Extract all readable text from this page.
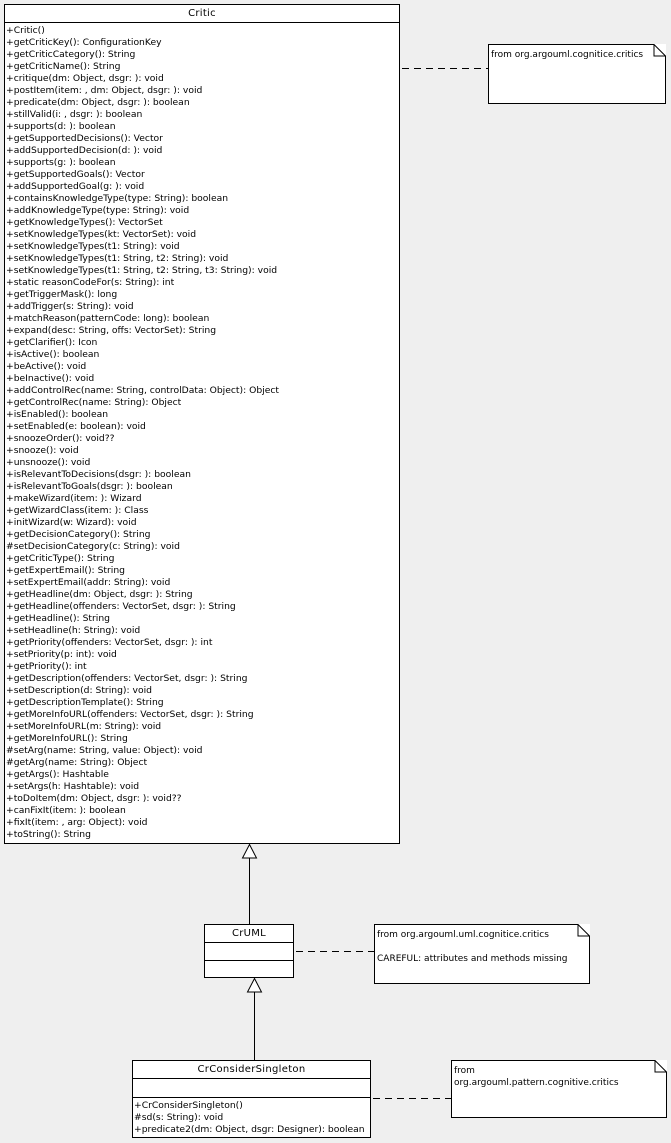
Critic
+Critic()
+getCriticKey(): ConfigurationKey
+getCriticCategory(): String
+getCriticName(): String
+critique(dm: Object, dsgr: ): void
+postItem(item: , dm: Object, dsgr: ): void
+predicate(dm: Object, dsgr: ): boolean
+stillValid(i: , dsgr: ): boolean
+supports(d: ): boolean
+getSupportedDecisions(): Vector
+addSupportedDecision(d: ): void
+supports(g: ): boolean
+getSupportedGoals(): Vector
+addSupportedGoal(g: ): void
+containsKnowledgeType(type: String): boolean
+addKnowledgeType(type: String): void
+getKnowledgeTypes(): VectorSet
+setKnowledgeTypes(kt: VectorSet): void
+setKnowledgeTypes(t1: String): void
+setKnowledgeTypes(t1: String, t2: String): void
+setKnowledgeTypes(t1: String, t2: String, t3: String): void
+static reasonCodeFor(s: String): int
+getTriggerMask(): long
+addTrigger(s: String): void
+matchReason(patternCode: long): boolean
+expand(desc: String, offs: VectorSet): String
+getClarifier(): Icon
+isActive(): boolean
+beActive(): void
+beInactive(): void
+addControlRec(name: String, controlData: Object): Object
+getControlRec(name: String): Object
+isEnabled(): boolean
+setEnabled(e: boolean): void
+snoozeOrder(): void??
+snooze(): void
+unsnooze(): void
+isRelevantToDecisions(dsgr: ): boolean
+isRelevantToGoals(dsgr: ): boolean
+makeWizard(item: ): Wizard
+getWizardClass(item: ): Class
+initWizard(w: Wizard): void
+getDecisionCategory(): String
#setDecisionCategory(c: String): void
+getCriticType(): String
+getExpertEmail(): String
+setExpertEmail(addr: String): void
+getHeadline(dm: Object, dsgr: ): String
+getHeadline(offenders: VectorSet, dsgr: ): String
+getHeadline(): String
+setHeadline(h: String): void
+getPriority(offenders: VectorSet, dsgr: ): int
+setPriority(p: int): void
+getPriority(): int
+getDescription(offenders: VectorSet, dsgr: ): String
+setDescription(d: String): void
+getDescriptionTemplate(): String
+getMoreInfoURL(offenders: VectorSet, dsgr: ): String
+setMoreInfoURL(m: String): void
+getMoreInfoURL(): String
#setArg(name: String, value: Object): void
#getArg(name: String): Object
+getArgs(): Hashtable
+setArgs(h: Hashtable): void
+toDoItem(dm: Object, dsgr: ): void??
+canFixIt(item: ): boolean
+fixIt(item: , arg: Object): void
+toString(): String
CrUML
CrConsiderSingleton
+CrConsiderSingleton()
#sd(s: String): void
+predicate2(dm: Object, dsgr: Designer): boolean
from org.argouml.cognitice.critics
from org.argouml.uml.cognitice.critics
CAREFUL: attributes and methods missing
from
org.argouml.pattern.cognitive.critics
